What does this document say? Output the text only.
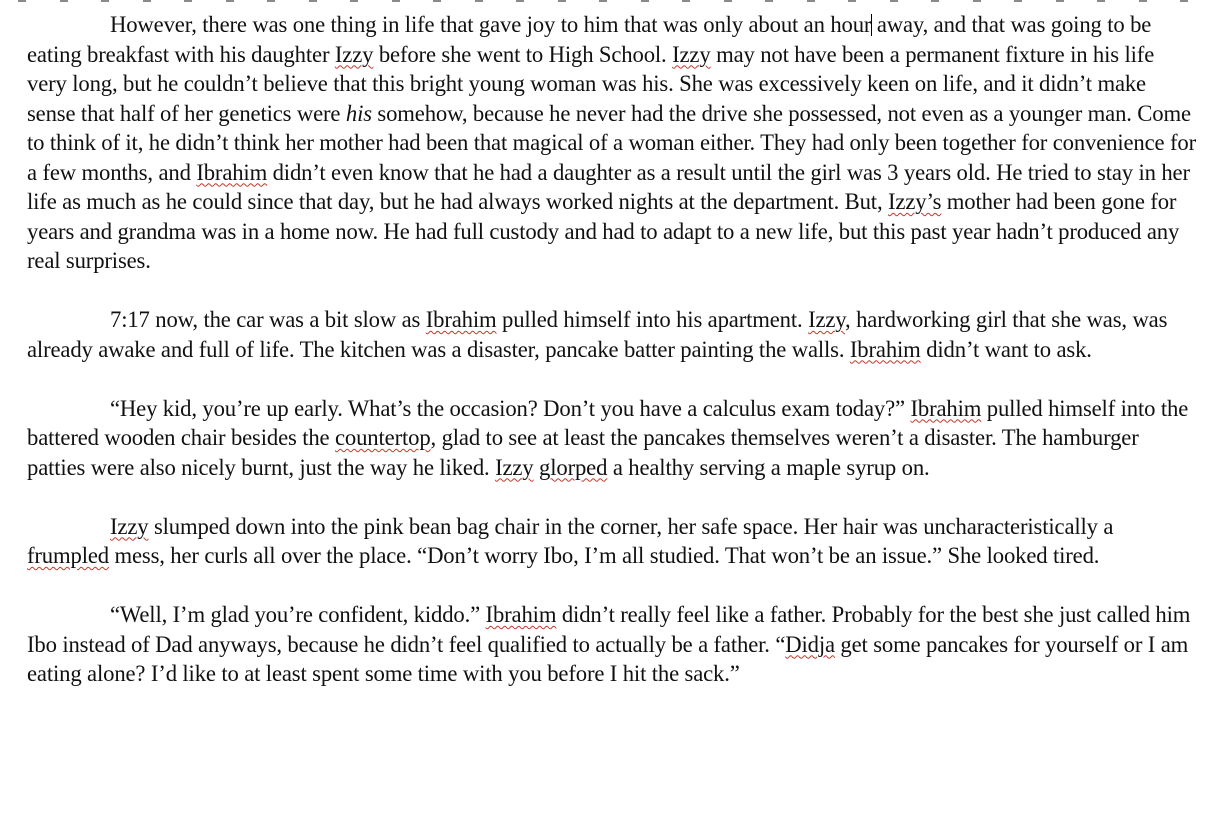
However, there was one thing in life that gave joy to him that was only about an hour away, and that was going to be eating breakfast with his daughter Izzy before she went to High School. Izzy may not have been a permanent fixture in his life very long, but he couldn’t believe that this bright young woman was his. She was excessively keen on life, and it didn’t make sense that half of her genetics were his somehow, because he never had the drive she possessed, not even as a younger man. Come to think of it, he didn’t think her mother had been that magical of a woman either. They had only been together for convenience for a few months, and Ibrahim didn’t even know that he had a daughter as a result until the girl was 3 years old. He tried to stay in her life as much as he could since that day, but he had always worked nights at the department. But, Izzy’s mother had been gone for years and grandma was in a home now. He had full custody and had to adapt to a new life, but this past year hadn’t produced any real surprises.

7:17 now, the car was a bit slow as Ibrahim pulled himself into his apartment. Izzy, hardworking girl that she was, was already awake and full of life. The kitchen was a disaster, pancake batter painting the walls. Ibrahim didn’t want to ask.

“Hey kid, you’re up early. What’s the occasion? Don’t you have a calculus exam today?” Ibrahim pulled himself into the battered wooden chair besides the countertop, glad to see at least the pancakes themselves weren’t a disaster. The hamburger patties were also nicely burnt, just the way he liked. Izzy glorped a healthy serving a maple syrup on.

Izzy slumped down into the pink bean bag chair in the corner, her safe space. Her hair was uncharacteristically a frumpled mess, her curls all over the place. “Don’t worry Ibo, I’m all studied. That won’t be an issue.” She looked tired.

“Well, I’m glad you’re confident, kiddo.” Ibrahim didn’t really feel like a father. Probably for the best she just called him Ibo instead of Dad anyways, because he didn’t feel qualified to actually be a father. “Didja get some pancakes for yourself or I am eating alone? I’d like to at least spent some time with you before I hit the sack.”
